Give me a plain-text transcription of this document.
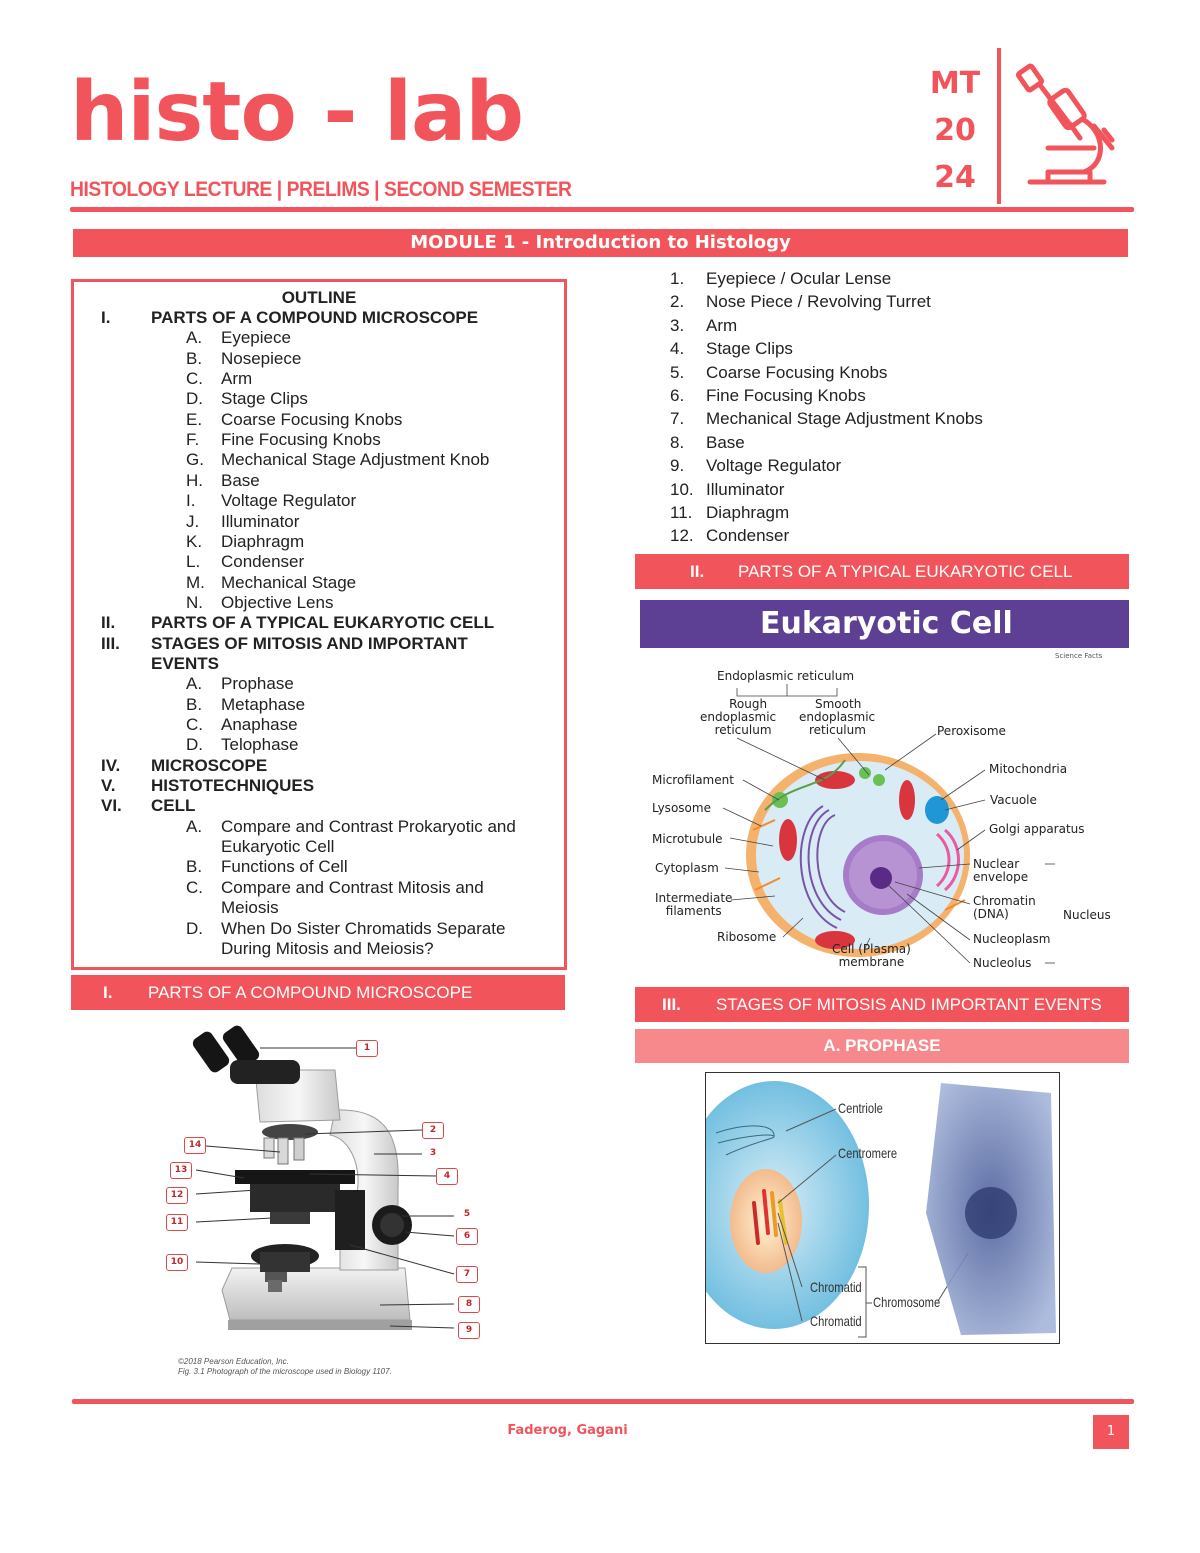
histo - lab
HISTOLOGY LECTURE | PRELIMS | SECOND SEMESTER
MT
20
24
MODULE 1 - Introduction to Histology
OUTLINE
I. PARTS OF A COMPOUND MICROSCOPE
A. Eyepiece
B. Nosepiece
C. Arm
D. Stage Clips
E. Coarse Focusing Knobs
F. Fine Focusing Knobs
G. Mechanical Stage Adjustment Knob
H. Base
I. Voltage Regulator
J. Illuminator
K. Diaphragm
L. Condenser
M. Mechanical Stage
N. Objective Lens
II. PARTS OF A TYPICAL EUKARYOTIC CELL
III. STAGES OF MITOSIS AND IMPORTANT
EVENTS
A. Prophase
B. Metaphase
C. Anaphase
D. Telophase
IV. MICROSCOPE
V. HISTOTECHNIQUES
VI. CELL
A. Compare and Contrast Prokaryotic and
Eukaryotic Cell
B. Functions of Cell
C. Compare and Contrast Mitosis and
Meiosis
D. When Do Sister Chromatids Separate
During Mitosis and Meiosis?
I. PARTS OF A COMPOUND MICROSCOPE
1
2
3
4
5
6
7
8
9
10
11
12
13
14
©2018 Pearson Education, Inc.
Fig. 3.1 Photograph of the microscope used in Biology 1107.
1. Eyepiece / Ocular Lense
2. Nose Piece / Revolving Turret
3. Arm
4. Stage Clips
5. Coarse Focusing Knobs
6. Fine Focusing Knobs
7. Mechanical Stage Adjustment Knobs
8. Base
9. Voltage Regulator
10. Illuminator
11. Diaphragm
12. Condenser
II. PARTS OF A TYPICAL EUKARYOTIC CELL
Eukaryotic Cell
Science Facts
Endoplasmic reticulum
Rough
endoplasmic
reticulum
Smooth
endoplasmic
reticulum	Peroxisome
Microfilament
Mitochondria
Lysosome
Vacuole
Microtubule
Golgi apparatus
Cytoplasm	Nuclear
envelope
Intermediate
filaments
Chromatin
(DNA)	Nucleus
Ribosome	Nucleoplasm
Cell (Plasma)
membrane	Nucleolus
III. STAGES OF MITOSIS AND IMPORTANT EVENTS
A. PROPHASE
Centriole
Centromere
Chromatid
Chromatid
Chromosome
Faderog, Gagani	1
